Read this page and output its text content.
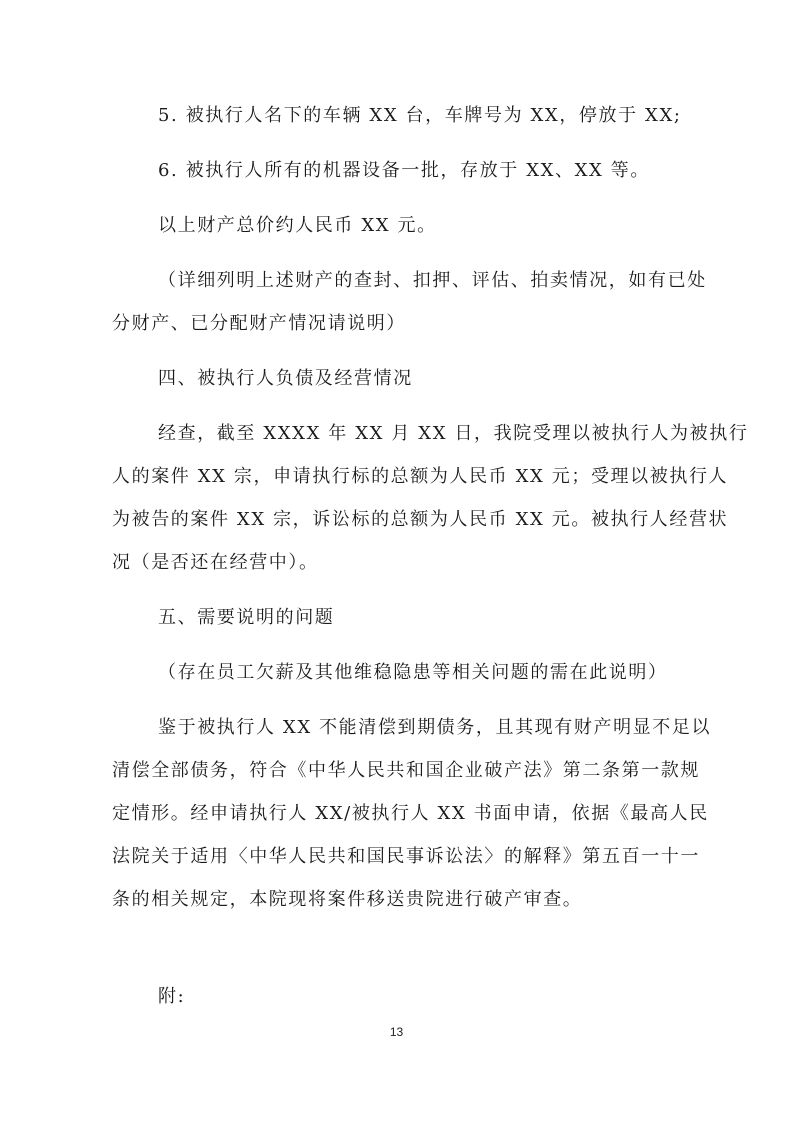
5. 被执行人名下的车辆 XX 台，车牌号为 XX，停放于 XX;
6. 被执行人所有的机器设备一批，存放于 XX、XX 等。
以上财产总价约人民币 XX 元。
（详细列明上述财产的查封、扣押、评估、拍卖情况，如有已处
分财产、已分配财产情况请说明）
四、被执行人负债及经营情况
经查，截至 XXXX 年 XX 月 XX 日，我院受理以被执行人为被执行
人的案件 XX 宗，申请执行标的总额为人民币 XX 元；受理以被执行人
为被告的案件 XX 宗，诉讼标的总额为人民币 XX 元。被执行人经营状
况（是否还在经营中）。
五、需要说明的问题
（存在员工欠薪及其他维稳隐患等相关问题的需在此说明）
鉴于被执行人 XX 不能清偿到期债务，且其现有财产明显不足以
清偿全部债务，符合《中华人民共和国企业破产法》第二条第一款规
定情形。经申请执行人 XX/被执行人 XX 书面申请，依据《最高人民
法院关于适用〈中华人民共和国民事诉讼法〉的解释》第五百一十一
条的相关规定，本院现将案件移送贵院进行破产审查。
附:
13
